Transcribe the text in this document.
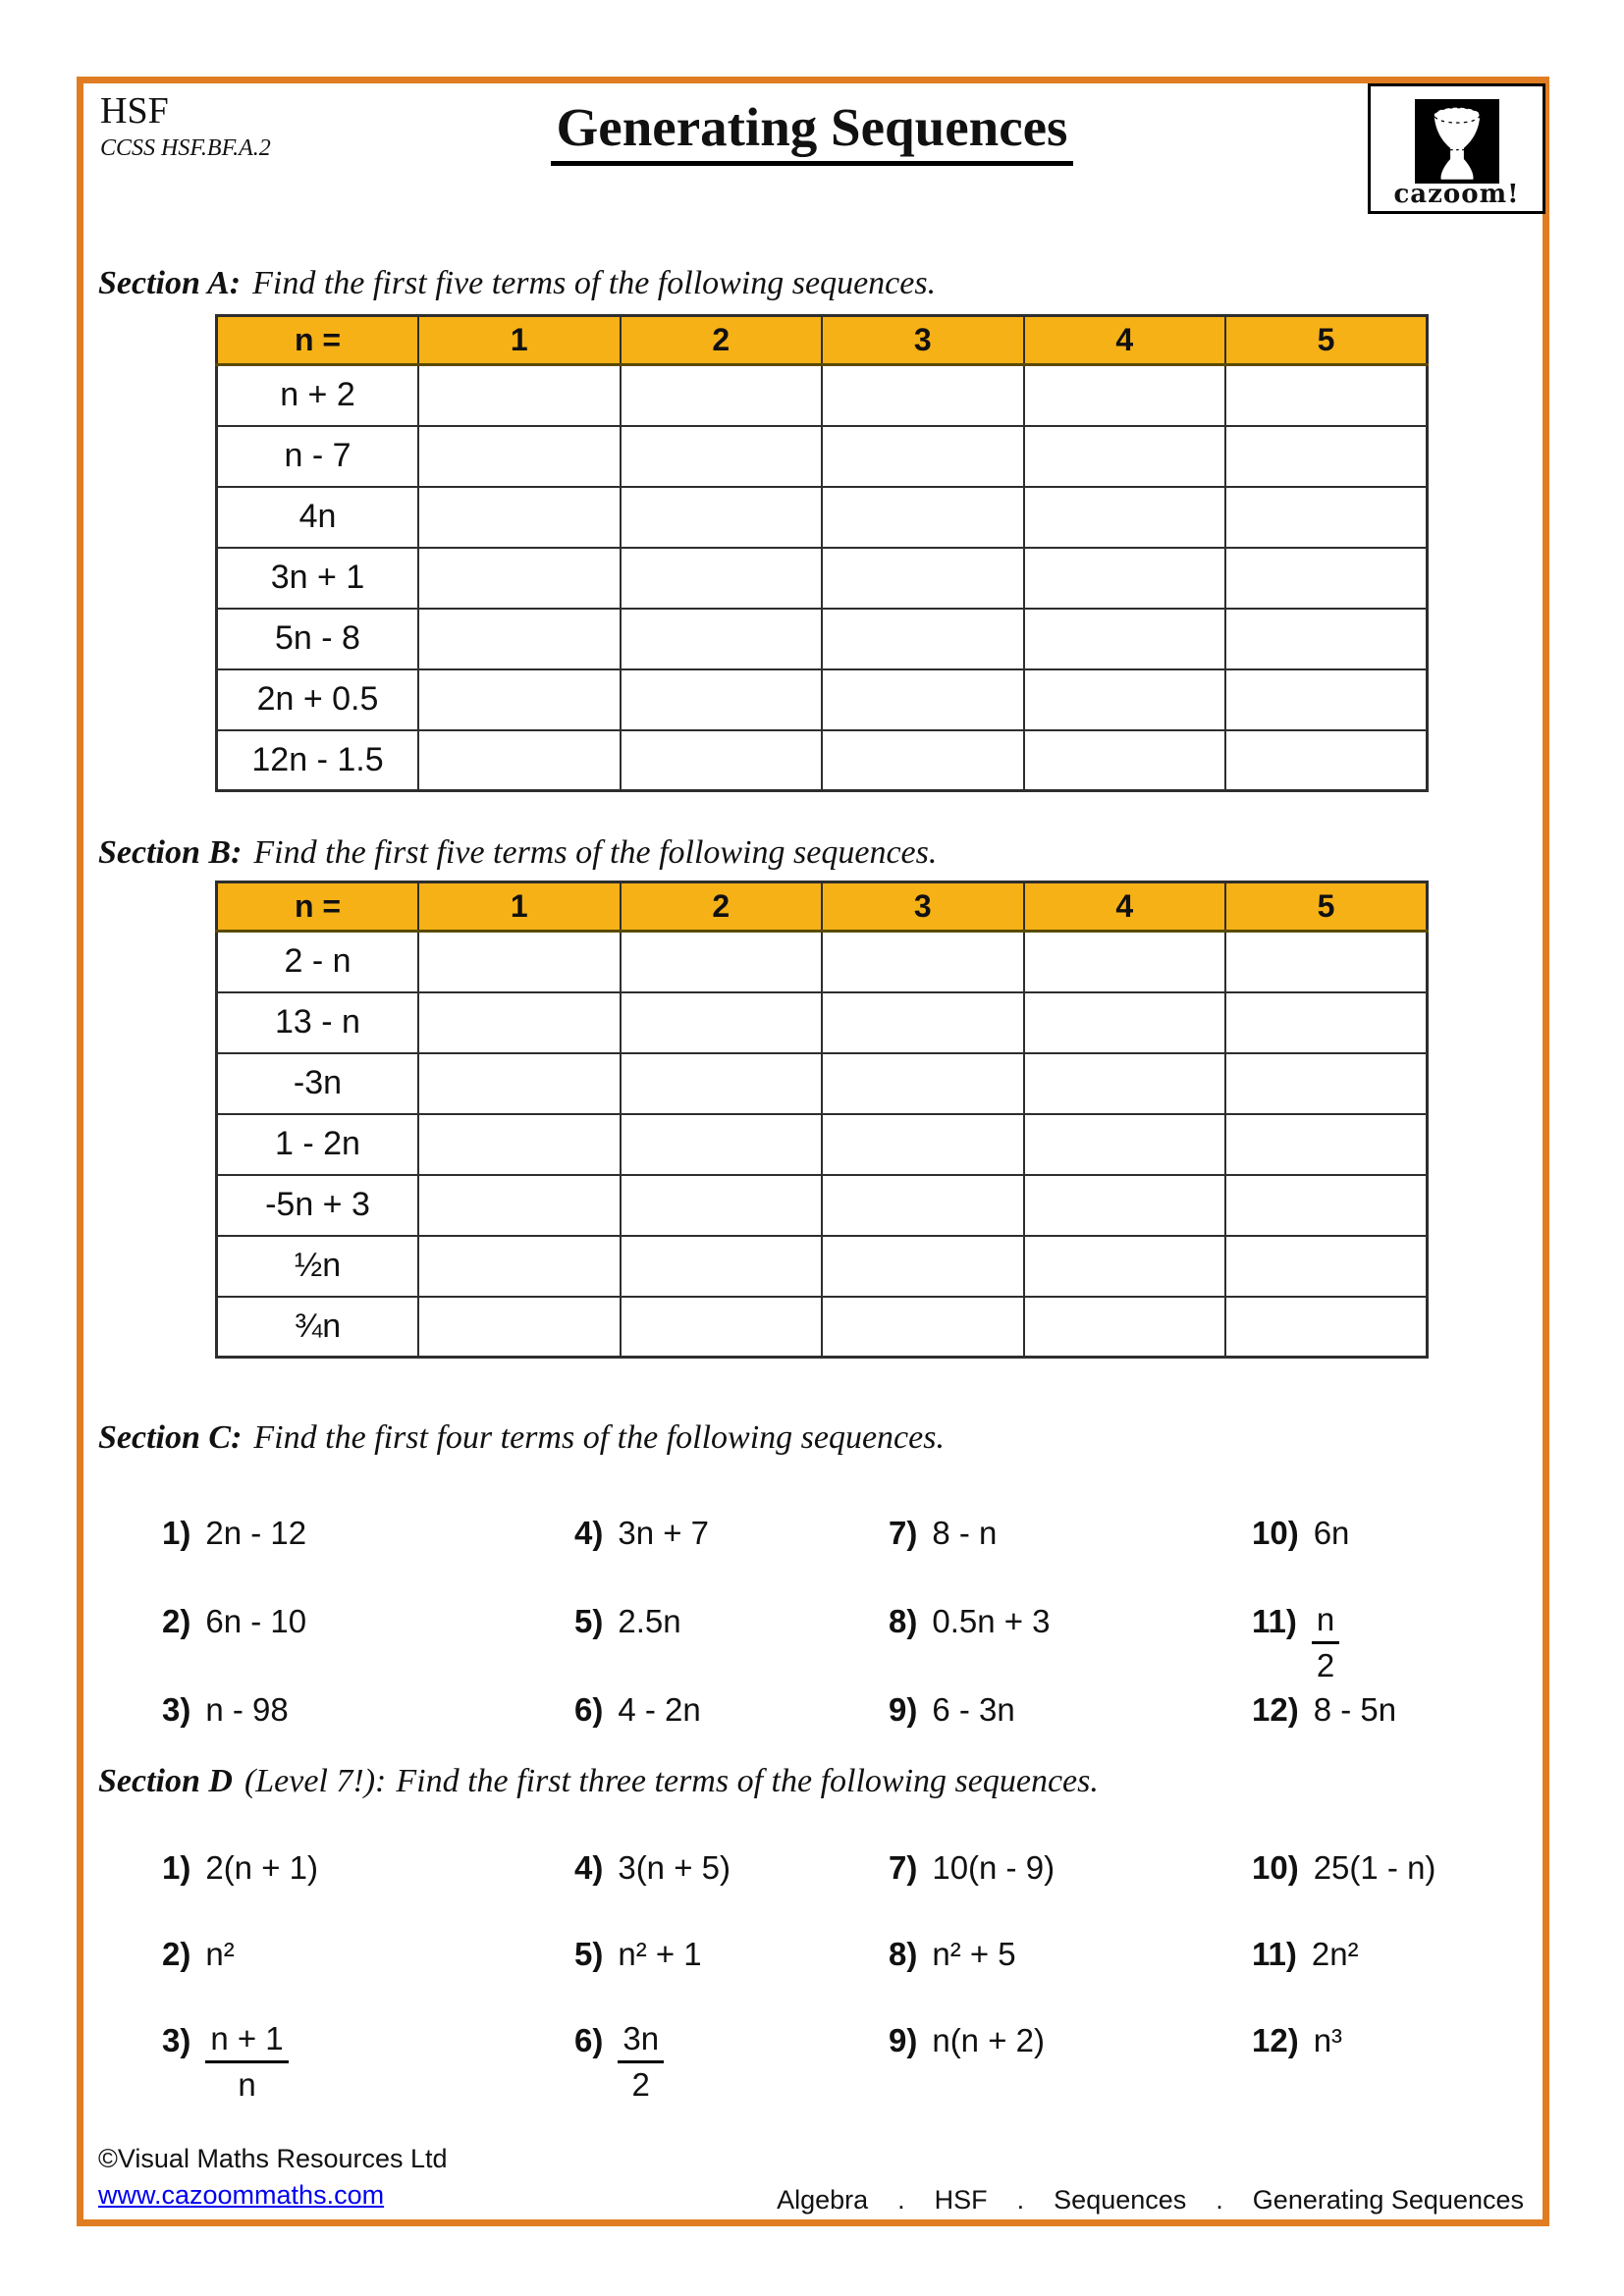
HSF
CCSS HSF.BF.A.2	Generating Sequences
cazoom!
Section A: Find the first five terms of the following sequences.
n =	1	2	3	4	5
n + 2					
n - 7					
4n					
3n + 1					
5n - 8					
2n + 0.5					
12n - 1.5					
Section B: Find the first five terms of the following sequences.
n =	1	2	3	4	5
2 - n					
13 - n					
-3n					
1 - 2n					
-5n + 3					
½n					
¾n					
Section C: Find the first four terms of the following sequences.
1) 2n - 12
2) 6n - 10
3) n - 98
4) 3n + 7
5) 2.5n
6) 4 - 2n
7) 8 - n
8) 0.5n + 3
9) 6 - 3n
10) 6n
$11) \frac{n}{2}$
12) 8 - 5n
Section D (Level 7!): Find the first three terms of the following sequences.
1) 2(n + 1)
2) n²
$3) \frac{n + 1}{n}$
4) 3(n + 5)
5) n² + 1
$6) \frac{3n}{2}$
7) 10(n - 9)
8) n² + 5
9) n(n + 2)
10) 25(1 - n)
11) 2n²
12) n³
©Visual Maths Resources Ltd
www.cazoommaths.com	Algebra . HSF . Sequences . Generating Sequences
